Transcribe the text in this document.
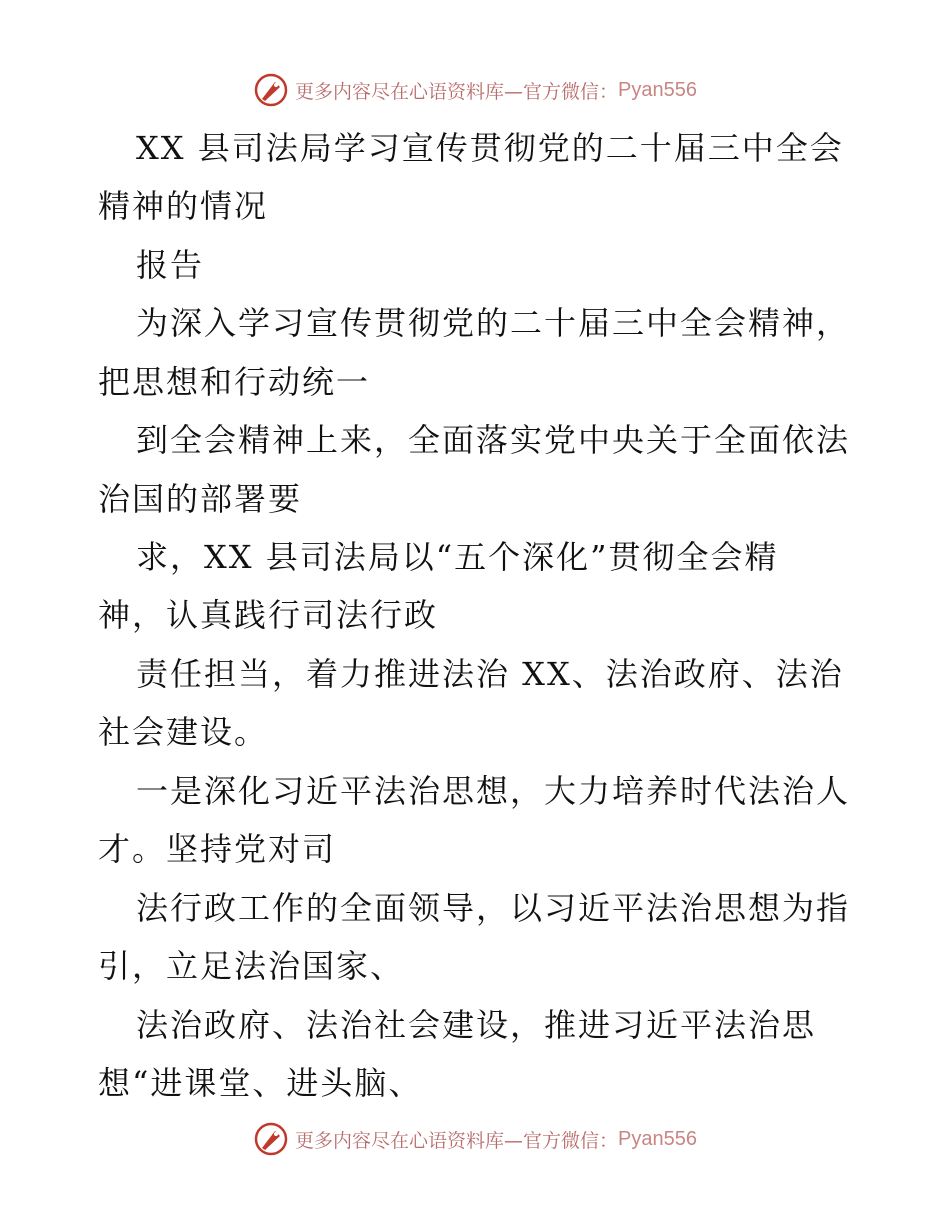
更多内容尽在心语资料库—官方微信： Pyan556
XX 县司法局学习宣传贯彻党的二十届三中全会
精神的情况
报告
为深入学习宣传贯彻党的二十届三中全会精神，
把思想和行动统一
到全会精神上来，全面落实党中央关于全面依法
治国的部署要
求，XX 县司法局以“五个深化”贯彻全会精
神，认真践行司法行政
责任担当，着力推进法治 XX、法治政府、法治
社会建设。
一是深化习近平法治思想，大力培养时代法治人
才。坚持党对司
法行政工作的全面领导，以习近平法治思想为指
引，立足法治国家、
法治政府、法治社会建设，推进习近平法治思
想“进课堂、进头脑、
更多内容尽在心语资料库—官方微信： Pyan556
